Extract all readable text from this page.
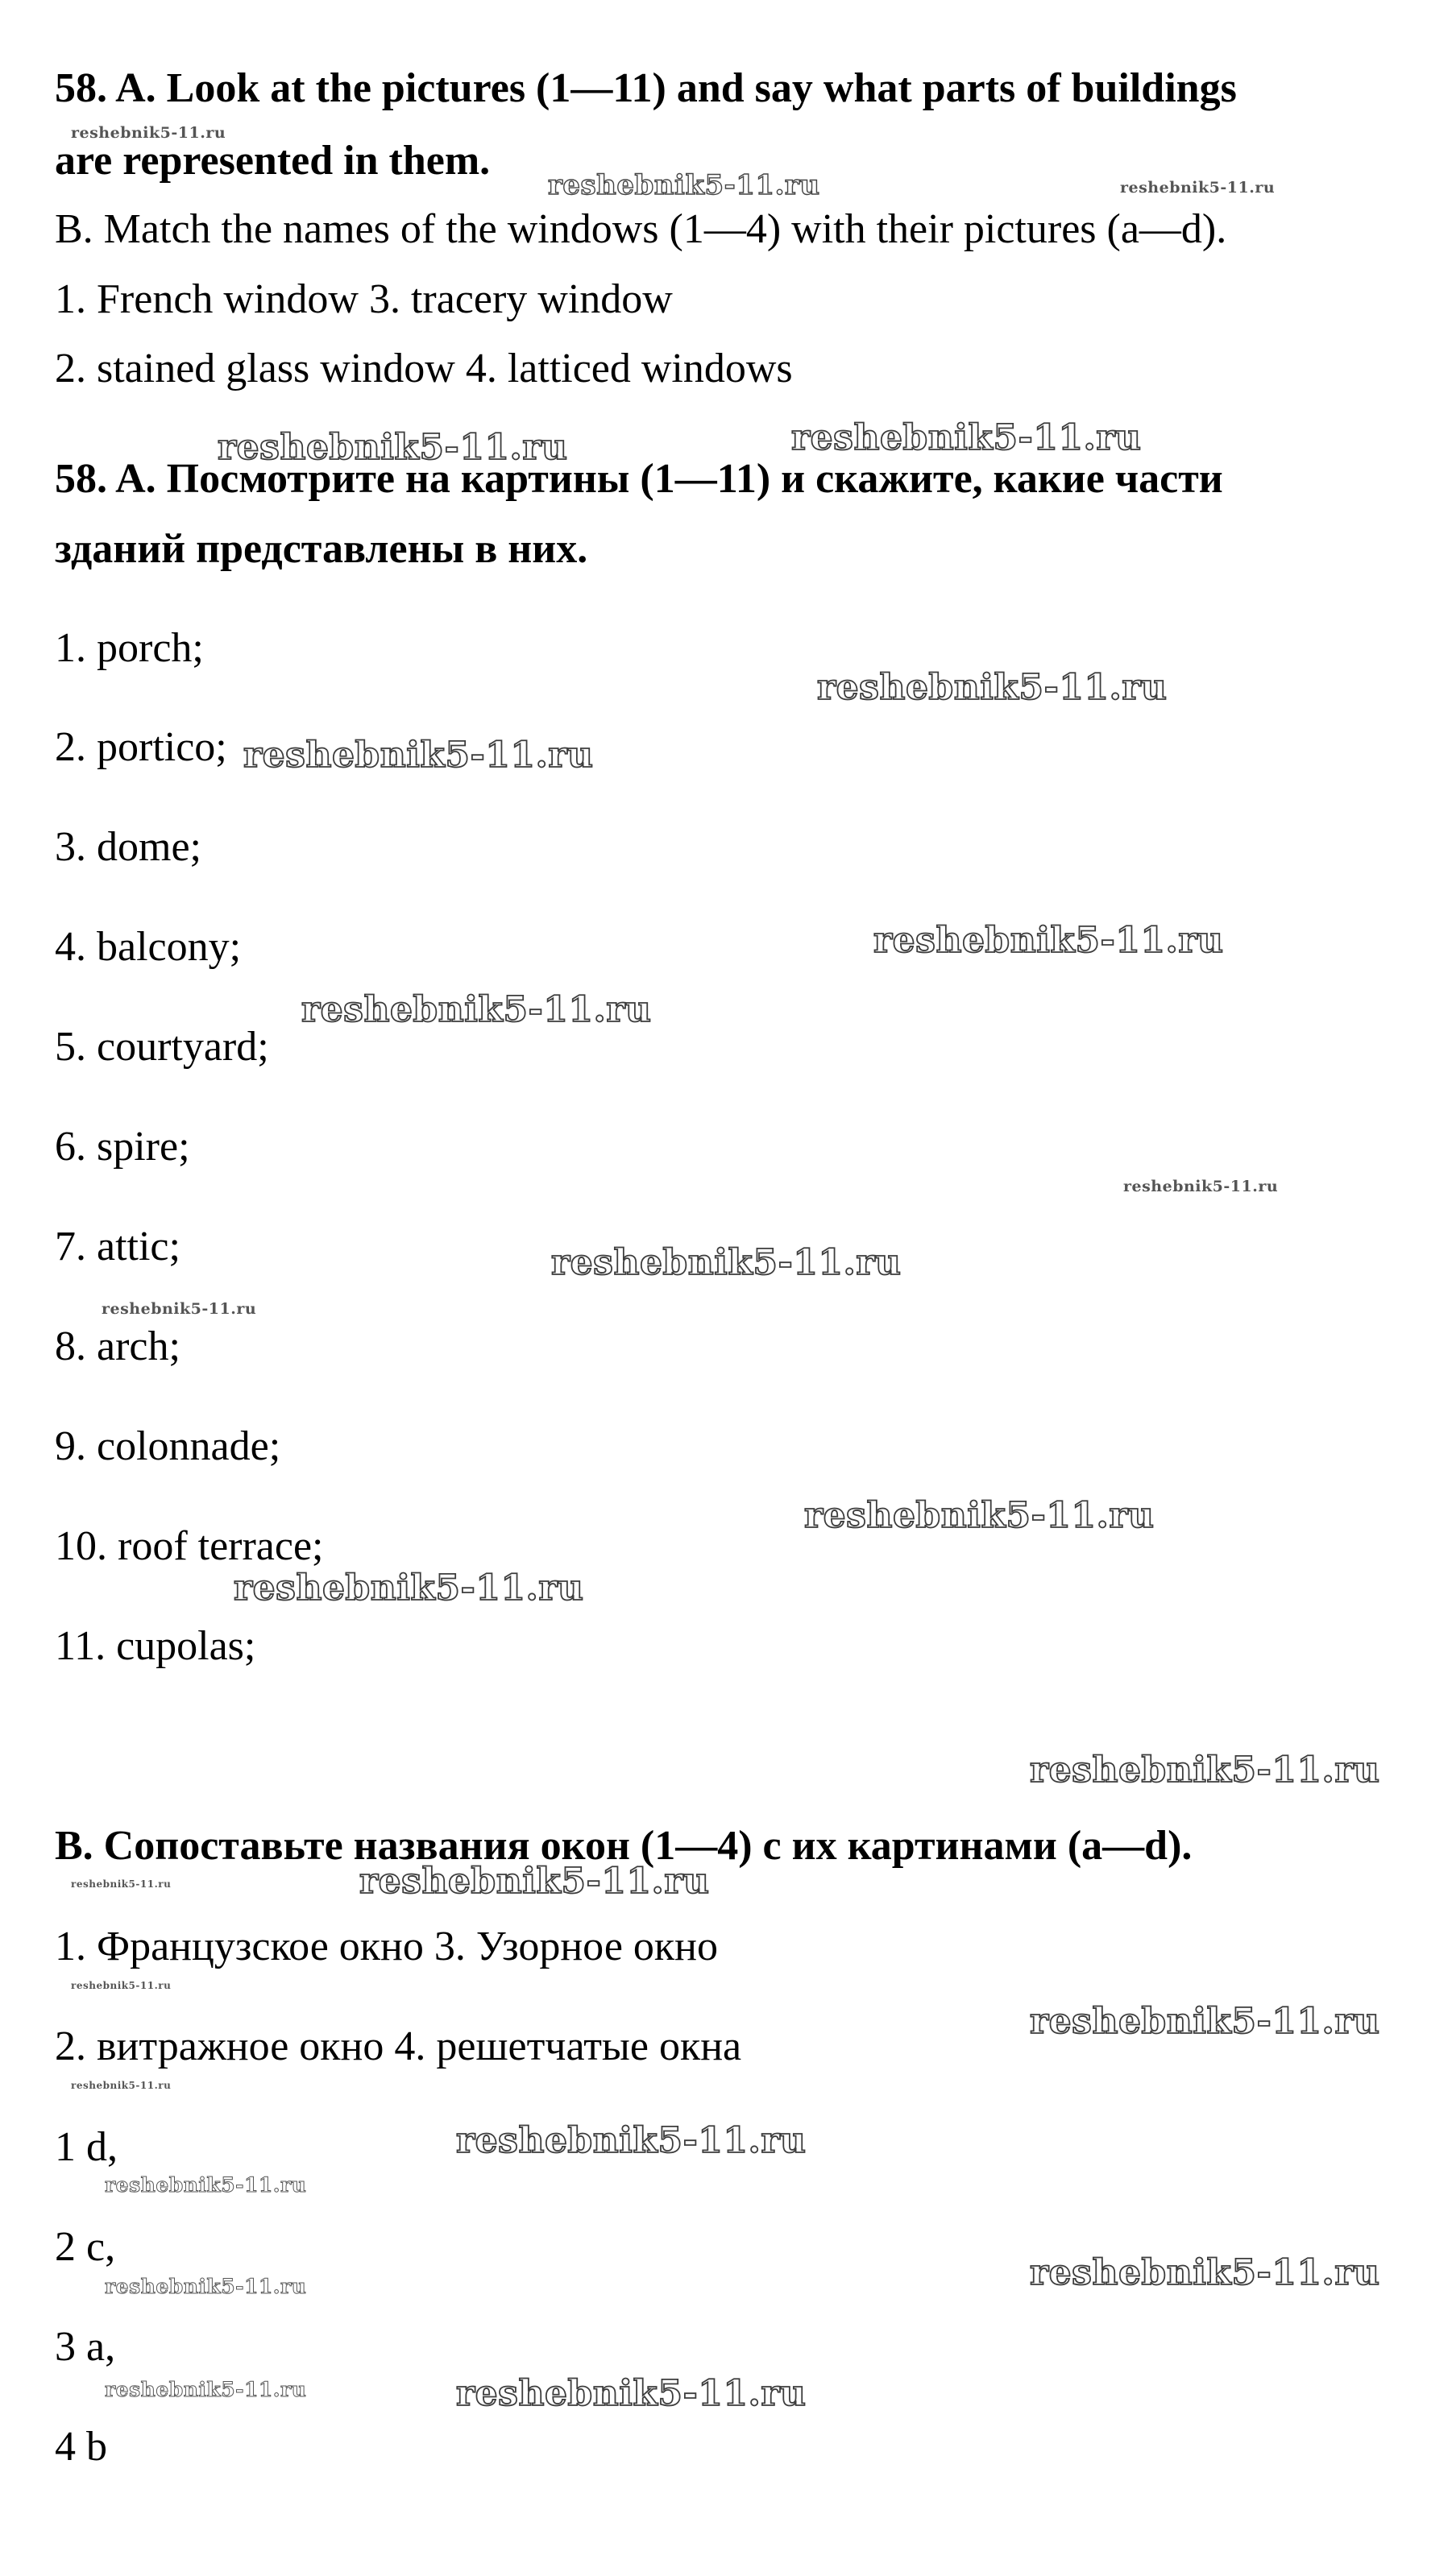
58. A. Look at the pictures (1—11) and say what parts of buildings
are represented in them.
B. Match the names of the windows (1—4) with their pictures (a—d).
1. French window 3. tracery window
2. stained glass window 4. latticed windows
58. A. Посмотрите на картины (1—11) и скажите, какие части
зданий представлены в них.
1. porch;
2. portico;
3. dome;
4. balcony;
5. courtyard;
6. spire;
7. attic;
8. arch;
9. colonnade;
10. roof terrace;
11. cupolas;
B. Сопоставьте названия окон (1—4) с их картинами (a—d).
1. Французское окно 3. Узорное окно
2. витражное окно 4. решетчатые окна
1 d,
2 c,
3 a,
4 b
reshebnik5-11.ru
reshebnik5-11.ru	reshebnik5-11.ru
reshebnik5-11.ru	reshebnik5-11.ru
reshebnik5-11.ru
reshebnik5-11.ru
reshebnik5-11.ru
reshebnik5-11.ru
reshebnik5-11.ru
reshebnik5-11.ru
reshebnik5-11.ru
reshebnik5-11.ru
reshebnik5-11.ru
reshebnik5-11.ru
reshebnik5-11.ru	reshebnik5-11.ru
reshebnik5-11.ru
reshebnik5-11.ru
reshebnik5-11.ru
reshebnik5-11.ru
reshebnik5-11.ru
reshebnik5-11.ru
reshebnik5-11.ru
reshebnik5-11.ru	reshebnik5-11.ru
